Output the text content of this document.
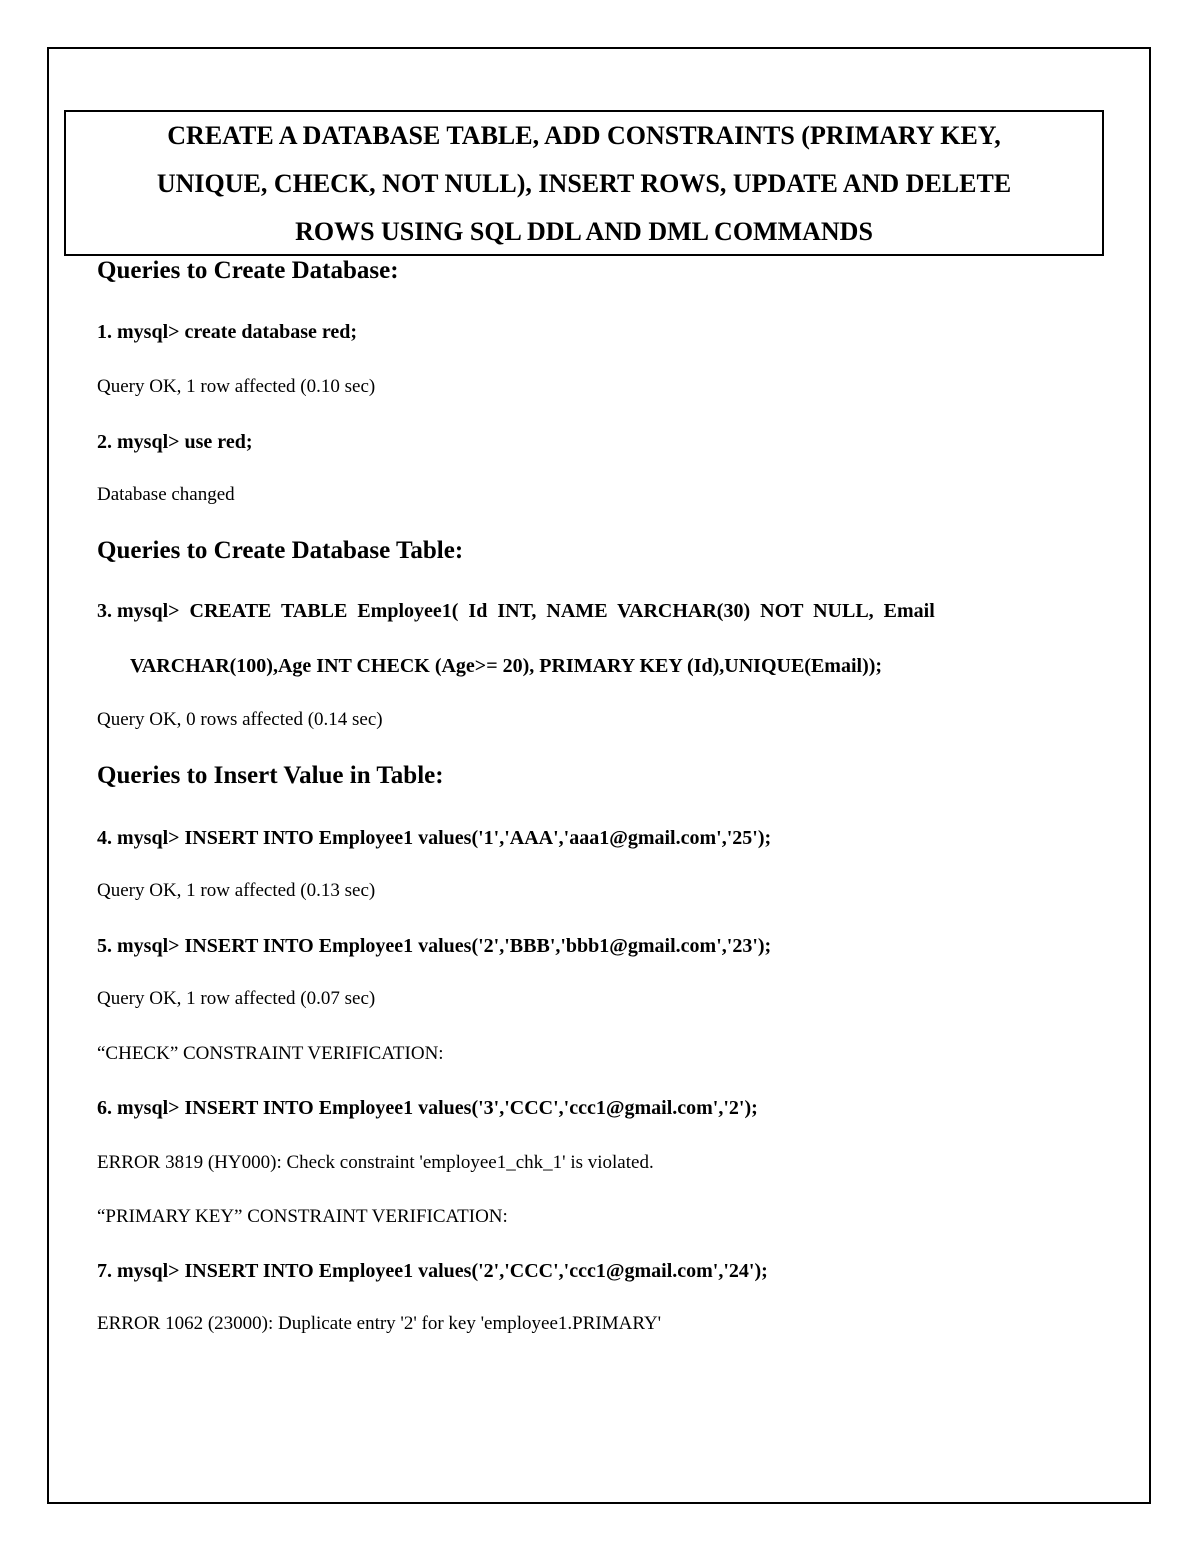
CREATE A DATABASE TABLE, ADD CONSTRAINTS (PRIMARY KEY,
UNIQUE, CHECK, NOT NULL), INSERT ROWS, UPDATE AND DELETE
ROWS USING SQL DDL AND DML COMMANDS
Queries to Create Database:
1. mysql> create database red;
Query OK, 1 row affected (0.10 sec)
2. mysql> use red;
Database changed
Queries to Create Database Table:
3. mysql>  CREATE  TABLE  Employee1(  Id  INT,  NAME  VARCHAR(30)  NOT  NULL,  Email
VARCHAR(100),Age INT CHECK (Age>= 20), PRIMARY KEY (Id),UNIQUE(Email));
Query OK, 0 rows affected (0.14 sec)
Queries to Insert Value in Table:
4. mysql> INSERT INTO Employee1 values('1','AAA','aaa1@gmail.com','25');
Query OK, 1 row affected (0.13 sec)
5. mysql> INSERT INTO Employee1 values('2','BBB','bbb1@gmail.com','23');
Query OK, 1 row affected (0.07 sec)
“CHECK” CONSTRAINT VERIFICATION:
6. mysql> INSERT INTO Employee1 values('3','CCC','ccc1@gmail.com','2');
ERROR 3819 (HY000): Check constraint 'employee1_chk_1' is violated.
“PRIMARY KEY” CONSTRAINT VERIFICATION:
7. mysql> INSERT INTO Employee1 values('2','CCC','ccc1@gmail.com','24');
ERROR 1062 (23000): Duplicate entry '2' for key 'employee1.PRIMARY'
